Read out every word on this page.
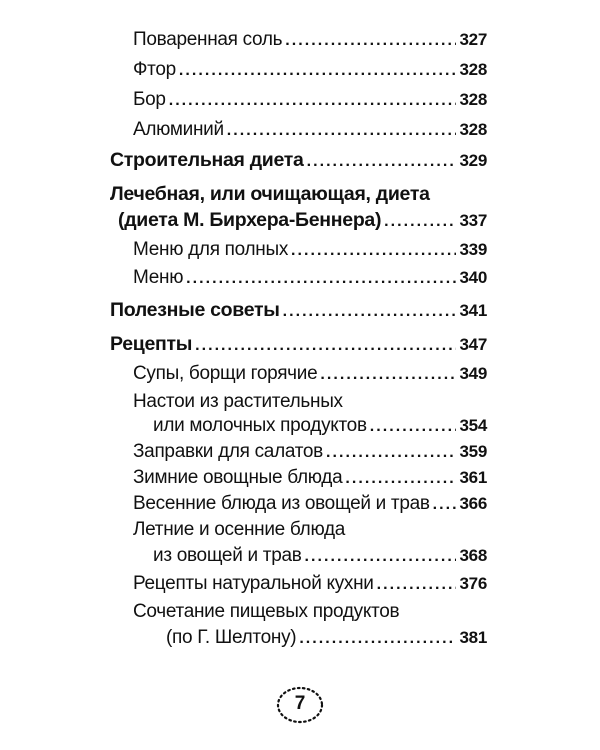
Поваренная соль . . .	327
Фтор . . .	328
Бор . . .	328
Алюминий . . .	328
Строительная диета . . .	329
Лечебная, или очищающая, диета
(диета М. Бирхера-Беннера) . . .	337
Меню для полных . . .	339
Меню . . .	340
Полезные советы . . .	341
Рецепты . . .	347
Супы, борщи горячие . . .	349
Настои из растительных
или молочных продуктов . . .	354
Заправки для салатов . . .	359
Зимние овощные блюда . . .	361
Весенние блюда из овощей и трав . . . 366
Летние и осенние блюда
из овощей и трав . . .	368
Рецепты натуральной кухни . . .	376
Сочетание пищевых продуктов
(по Г. Шелтону) . . .	381
7
